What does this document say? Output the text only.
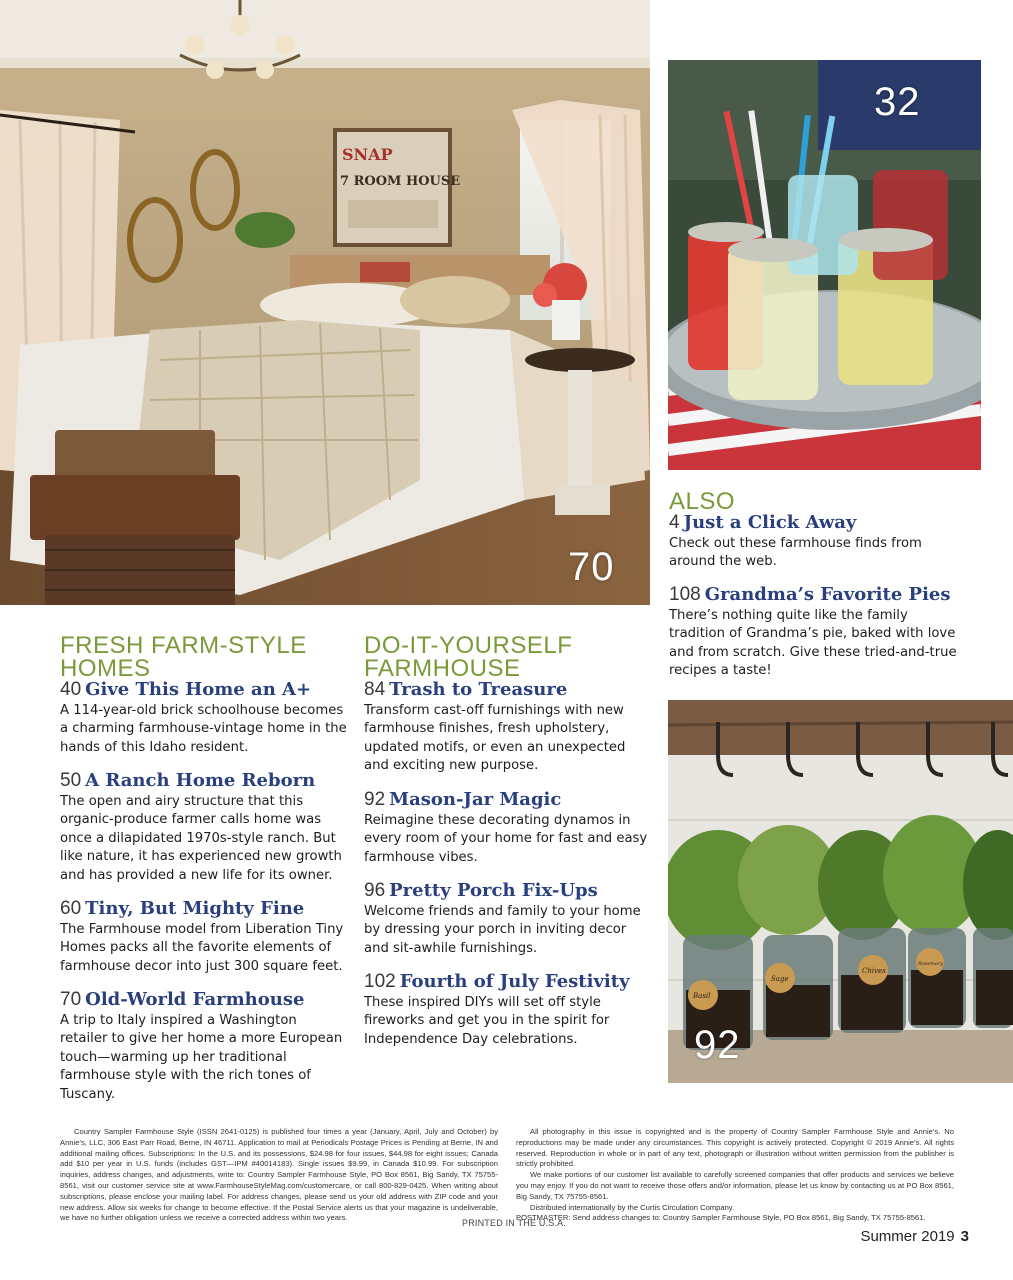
SNAP
7 ROOM HOUSE
70
32
Basil
Sage
Chives
Rosemary
92
FRESH FARM-STYLE
HOMES
40 Give This Home an A+
A 114-year-old brick schoolhouse becomes a charming farmhouse-vintage home in the hands of this Idaho resident.
50 A Ranch Home Reborn
The open and airy structure that this organic-produce farmer calls home was once a dilapidated 1970s-style ranch. But like nature, it has experienced new growth and has provided a new life for its owner.
60 Tiny, But Mighty Fine
The Farmhouse model from Liberation Tiny Homes packs all the favorite elements of farmhouse decor into just 300 square feet.
70 Old-World Farmhouse
A trip to Italy inspired a Washington retailer to give her home a more European touch—warming up her traditional farmhouse style with the rich tones of Tuscany.
DO-IT-YOURSELF
FARMHOUSE
84 Trash to Treasure
Transform cast-off furnishings with new farmhouse finishes, fresh upholstery, updated motifs, or even an unexpected and exciting new purpose.
92 Mason-Jar Magic
Reimagine these decorating dynamos in every room of your home for fast and easy farmhouse vibes.
96 Pretty Porch Fix-Ups
Welcome friends and family to your home by dressing your porch in inviting decor and sit-awhile furnishings.
102 Fourth of July Festivity
These inspired DIYs will set off style fireworks and get you in the spirit for Independence Day celebrations.
ALSO
4 Just a Click Away
Check out these farmhouse finds from around the web.
108 Grandma’s Favorite Pies
There’s nothing quite like the family tradition of Grandma’s pie, baked with love and from scratch. Give these tried-and-true recipes a taste!

Country Sampler Farmhouse Style (ISSN 2641-0125) is published four times a year (January, April, July and October) by Annie’s, LLC, 306 East Parr Road, Berne, IN 46711. Application to mail at Periodicals Postage Prices is Pending at Berne, IN and additional mailing offices. Subscriptions: In the U.S. and its possessions, $24.98 for four issues, $44.98 for eight issues; Canada add $10 per year in U.S. funds (includes GST—IPM #40014183). Single issues $9.99, in Canada $10.99. For subscription inquiries, address changes, and adjustments, write to: Country Sampler Farmhouse Style, PO Box 8561, Big Sandy, TX 75755-8561, visit our customer service site at www.FarmhouseStyleMag.com/customercare, or call 800-829-0425. When writing about subscriptions, please enclose your mailing label. For address changes, please send us your old address with ZIP code and your new address. Allow six weeks for change to become effective. If the Postal Service alerts us that your magazine is undeliverable, we have no further obligation unless we receive a corrected address within two years.

All photography in this issue is copyrighted and is the property of Country Sampler Farmhouse Style and Annie’s. No reproductions may be made under any circumstances. This copyright is actively protected. Copyright © 2019 Annie’s. All rights reserved. Reproduction in whole or in part of any text, photograph or illustration without written permission from the publisher is strictly prohibited.

We make portions of our customer list available to carefully screened companies that offer products and services we believe you may enjoy. If you do not want to receive those offers and/or information, please let us know by contacting us at PO Box 8561, Big Sandy, TX 75755-8561.

Distributed internationally by the Curtis Circulation Company.

POSTMASTER: Send address changes to: Country Sampler Farmhouse Style, PO Box 8561, Big Sandy, TX 75755-8561.

PRINTED IN THE U.S.A.
Summer 2019 3
